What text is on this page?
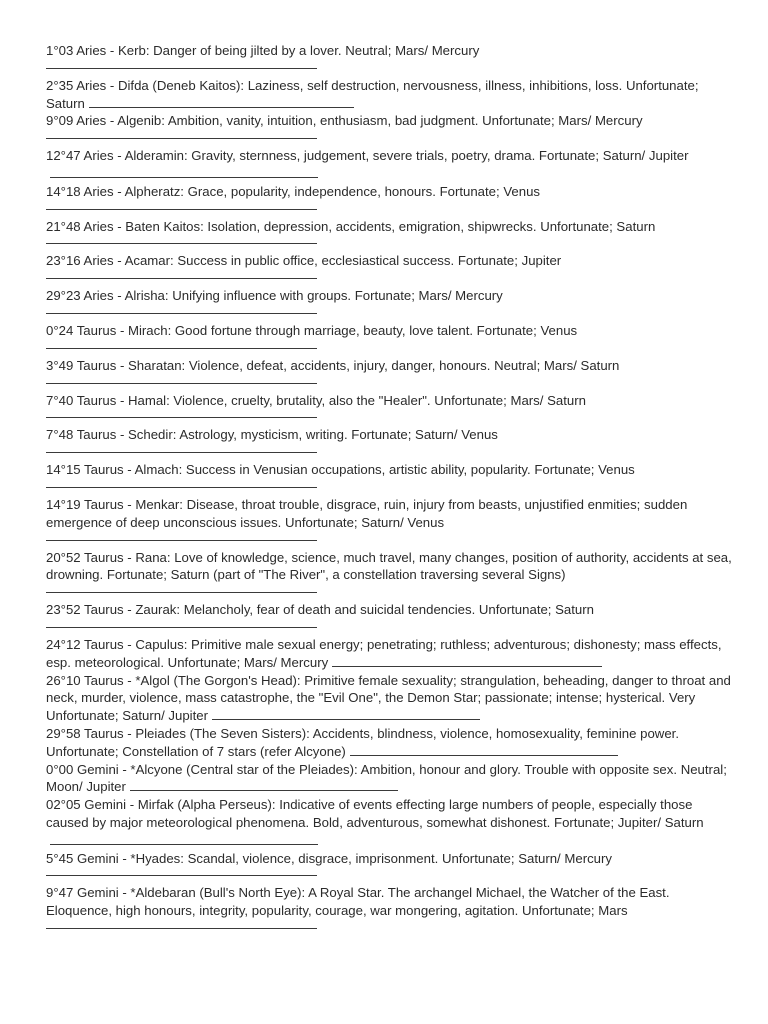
1°03 Aries - Kerb: Danger of being jilted by a lover. Neutral; Mars/ Mercury

2°35 Aries - Difda (Deneb Kaitos): Laziness, self destruction, nervousness, illness, inhibitions, loss. Unfortunate; Saturn

9°09 Aries - Algenib: Ambition, vanity, intuition, enthusiasm, bad judgment. Unfortunate; Mars/ Mercury

12°47 Aries - Alderamin: Gravity, sternness, judgement, severe trials, poetry, drama. Fortunate; Saturn/ Jupiter

14°18 Aries - Alpheratz: Grace, popularity, independence, honours. Fortunate; Venus

21°48 Aries - Baten Kaitos: Isolation, depression, accidents, emigration, shipwrecks. Unfortunate; Saturn

23°16 Aries - Acamar: Success in public office, ecclesiastical success. Fortunate; Jupiter

29°23 Aries - Alrisha: Unifying influence with groups. Fortunate; Mars/ Mercury

0°24 Taurus - Mirach: Good fortune through marriage, beauty, love talent. Fortunate; Venus

3°49 Taurus - Sharatan: Violence, defeat, accidents, injury, danger, honours. Neutral; Mars/ Saturn

7°40 Taurus - Hamal: Violence, cruelty, brutality, also the "Healer". Unfortunate; Mars/ Saturn

7°48 Taurus - Schedir: Astrology, mysticism, writing. Fortunate; Saturn/ Venus

14°15 Taurus - Almach: Success in Venusian occupations, artistic ability, popularity. Fortunate; Venus

14°19 Taurus - Menkar: Disease, throat trouble, disgrace, ruin, injury from beasts, unjustified enmities; sudden emergence of deep unconscious issues. Unfortunate; Saturn/ Venus

20°52 Taurus - Rana: Love of knowledge, science, much travel, many changes, position of authority, accidents at sea, drowning. Fortunate; Saturn (part of "The River", a constellation traversing several Signs)

23°52 Taurus - Zaurak: Melancholy, fear of death and suicidal tendencies. Unfortunate; Saturn

24°12 Taurus - Capulus: Primitive male sexual energy; penetrating; ruthless; adventurous; dishonesty; mass effects, esp. meteorological. Unfortunate; Mars/ Mercury

26°10 Taurus - *Algol (The Gorgon's Head): Primitive female sexuality; strangulation, beheading, danger to throat and neck, murder, violence, mass catastrophe, the "Evil One", the Demon Star; passionate; intense; hysterical. Very Unfortunate; Saturn/ Jupiter

29°58 Taurus - Pleiades (The Seven Sisters): Accidents, blindness, violence, homosexuality, feminine power. Unfortunate; Constellation of 7 stars (refer Alcyone)

0°00 Gemini - *Alcyone (Central star of the Pleiades): Ambition, honour and glory. Trouble with opposite sex. Neutral; Moon/ Jupiter

02°05 Gemini - Mirfak (Alpha Perseus): Indicative of events effecting large numbers of people, especially those caused by major meteorological phenomena. Bold, adventurous, somewhat dishonest. Fortunate; Jupiter/ Saturn

5°45 Gemini - *Hyades: Scandal, violence, disgrace, imprisonment. Unfortunate; Saturn/ Mercury

9°47 Gemini - *Aldebaran (Bull's North Eye): A Royal Star. The archangel Michael, the Watcher of the East. Eloquence, high honours, integrity, popularity, courage, war mongering, agitation. Unfortunate; Mars
